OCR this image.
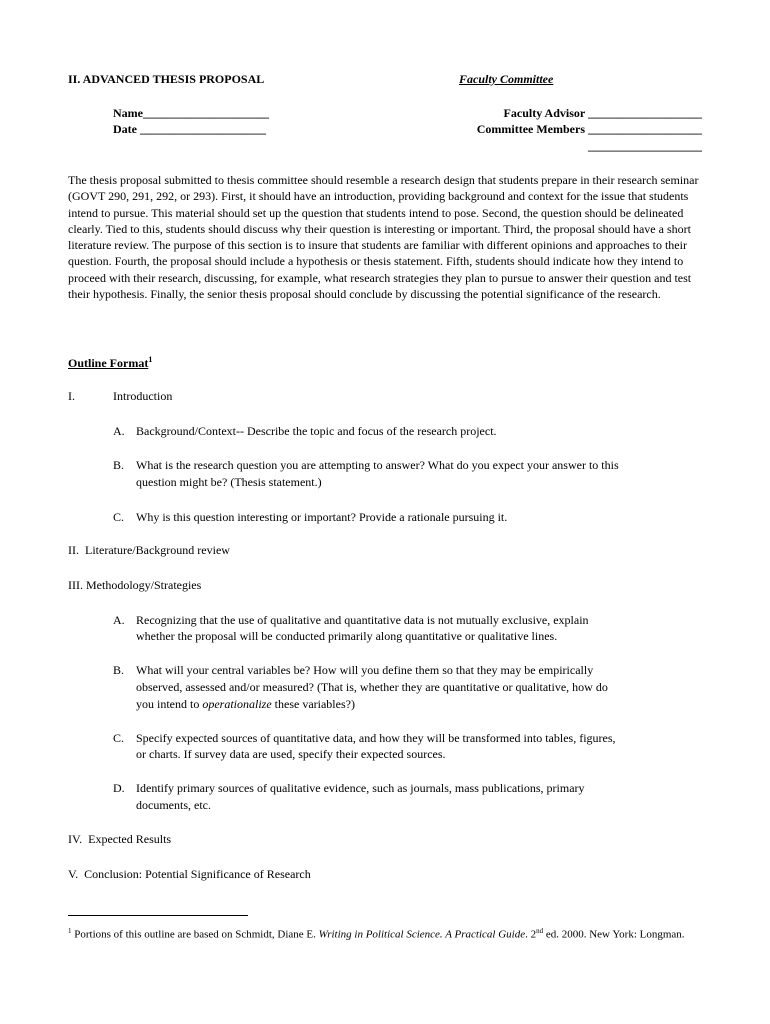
II. ADVANCED THESIS PROPOSAL	Faculty Committee
Name_____________________
Date _____________________
Faculty Advisor ___________________
Committee Members ___________________
___________________
The thesis proposal submitted to thesis committee should resemble a research design that students prepare in their research seminar (GOVT 290, 291, 292, or 293). First, it should have an introduction, providing background and context for the issue that students intend to pursue. This material should set up the question that students intend to pose. Second, the question should be delineated clearly. Tied to this, students should discuss why their question is interesting or important. Third, the proposal should have a short literature review. The purpose of this section is to insure that students are familiar with different opinions and approaches to their question. Fourth, the proposal should include a hypothesis or thesis statement. Fifth, students should indicate how they intend to proceed with their research, discussing, for example, what research strategies they plan to pursue to answer their question and test their hypothesis. Finally, the senior thesis proposal should conclude by discussing the potential significance of the research.
Outline Format$^1$
I.	Introduction
A. Background/Context-- Describe the topic and focus of the research project.
B. What is the research question you are attempting to answer? What do you expect your answer to this
question might be? (Thesis statement.)
C. Why is this question interesting or important? Provide a rationale pursuing it.
II.  Literature/Background review
III. Methodology/Strategies
A. Recognizing that the use of qualitative and quantitative data is not mutually exclusive, explain
whether the proposal will be conducted primarily along quantitative or qualitative lines.
B. What will your central variables be? How will you define them so that they may be empirically
observed, assessed and/or measured? (That is, whether they are quantitative or qualitative, how do
you intend to operationalize these variables?)
C. Specify expected sources of quantitative data, and how they will be transformed into tables, figures,
or charts. If survey data are used, specify their expected sources.
D. Identify primary sources of qualitative evidence, such as journals, mass publications, primary
documents, etc.
IV.  Expected Results
V.  Conclusion: Potential Significance of Research
$^1$ Portions of this outline are based on Schmidt, Diane E. Writing in Political Science. A Practical Guide. 2nd ed. 2000. New York: Longman.
